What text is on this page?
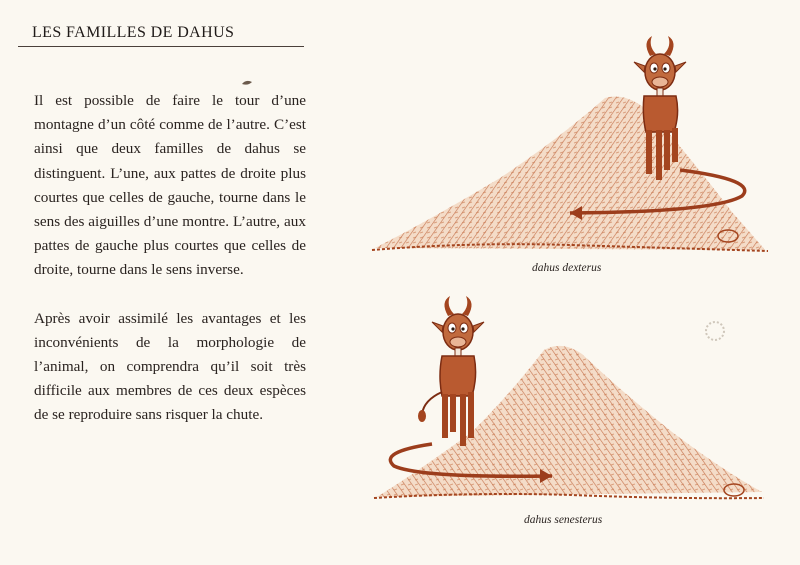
LES FAMILLES DE DAHUS

Il est possible de faire le tour d’une montagne d’un côté comme de l’autre. C’est ainsi que deux familles de dahus se distinguent. L’une, aux pattes de droite plus courtes que celles de gauche, tourne dans le sens des aiguilles d’une montre. L’autre, aux pattes de gauche plus courtes que celles de droite, tourne dans le sens inverse.

Après avoir assimilé les avantages et les inconvénients de la morphologie de l’animal, on comprendra qu’il soit très difficile aux membres de ces deux espèces de se reproduire sans risquer la chute.

dahus dexterus
dahus senesterus
